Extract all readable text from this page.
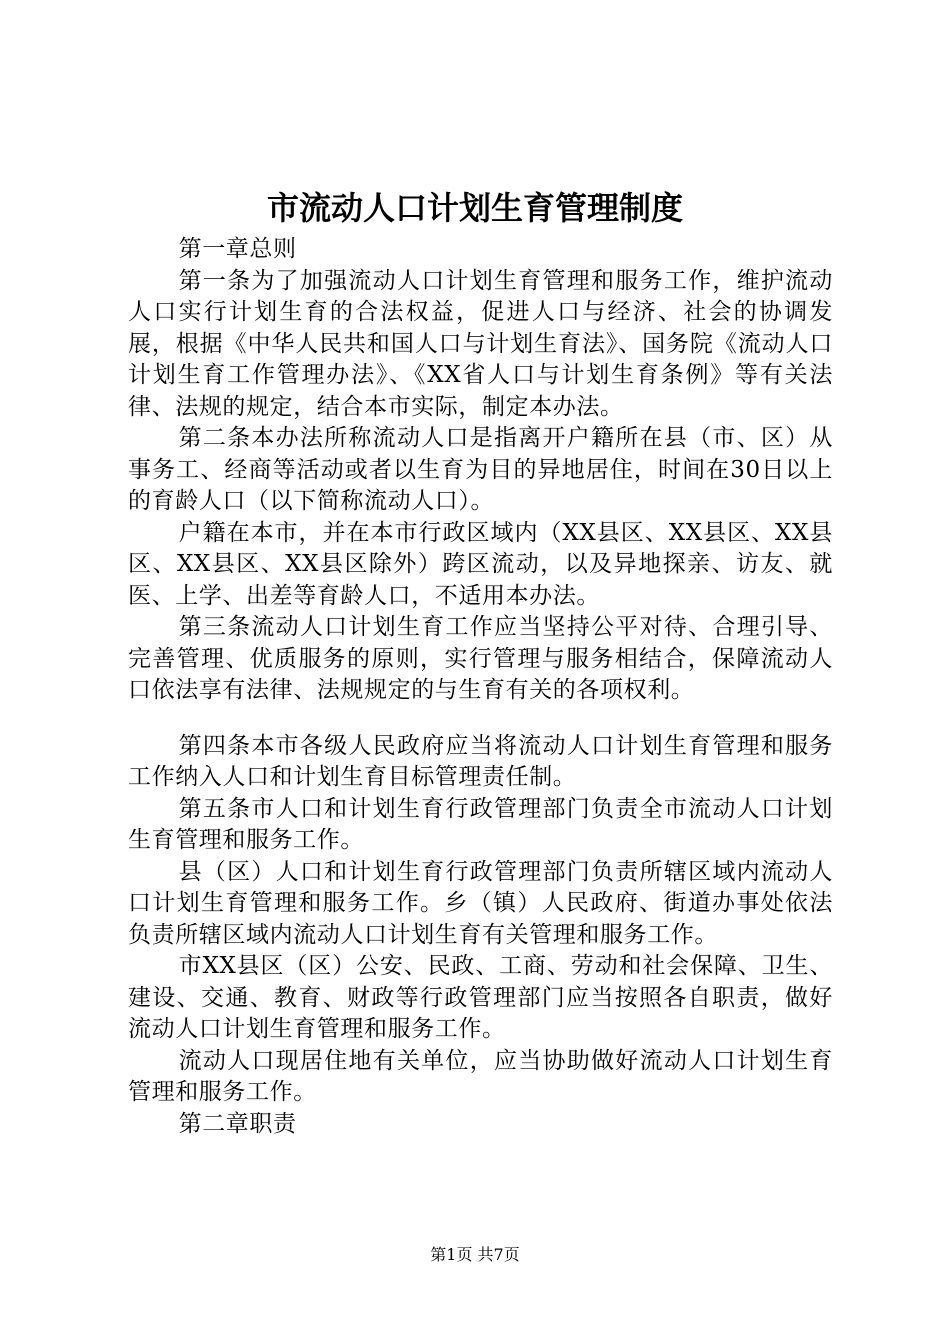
市流动人口计划生育管理制度

第一章总则

第一条为了加强流动人口计划生育管理和服务工作，维护流动人口实行计划生育的合法权益，促进人口与经济、社会的协调发展，根据《中华人民共和国人口与计划生育法》、国务院《流动人口计划生育工作管理办法》、《XX省人口与计划生育条例》等有关法律、法规的规定，结合本市实际，制定本办法。

第二条本办法所称流动人口是指离开户籍所在县（市、区）从事务工、经商等活动或者以生育为目的异地居住，时间在30日以上的育龄人口（以下简称流动人口）。

户籍在本市，并在本市行政区域内（XX县区、XX县区、XX县区、XX县区、XX县区除外）跨区流动，以及异地探亲、访友、就医、上学、出差等育龄人口，不适用本办法。

第三条流动人口计划生育工作应当坚持公平对待、合理引导、完善管理、优质服务的原则，实行管理与服务相结合，保障流动人口依法享有法律、法规规定的与生育有关的各项权利。

第四条本市各级人民政府应当将流动人口计划生育管理和服务工作纳入人口和计划生育目标管理责任制。

第五条市人口和计划生育行政管理部门负责全市流动人口计划生育管理和服务工作。

县（区）人口和计划生育行政管理部门负责所辖区域内流动人口计划生育管理和服务工作。乡（镇）人民政府、街道办事处依法负责所辖区域内流动人口计划生育有关管理和服务工作。

市XX县区（区）公安、民政、工商、劳动和社会保障、卫生、建设、交通、教育、财政等行政管理部门应当按照各自职责，做好流动人口计划生育管理和服务工作。

流动人口现居住地有关单位，应当协助做好流动人口计划生育管理和服务工作。

第二章职责

第1页 共7页
